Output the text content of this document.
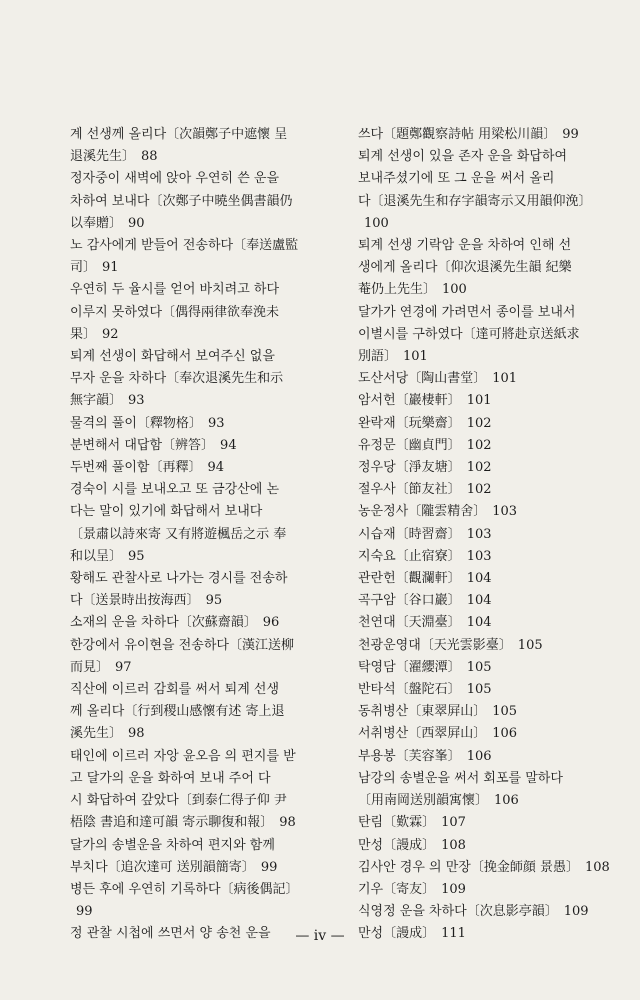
계 선생께 올리다〔次韻鄭子中遮懷 呈
退溪先生〕 88
정자중이 새벽에 앉아 우연히 쓴 운을
차하여 보내다〔次鄭子中曉坐偶書韻仍
以奉贈〕 90
노 감사에게 받들어 전송하다〔奉送盧監
司〕 91
우연히 두 율시를 얻어 바치려고 하다
이루지 못하였다〔偶得兩律欲奉浼未
果〕 92
퇴계 선생이 화답해서 보여주신 없을
무자 운을 차하다〔奉次退溪先生和示
無字韻〕 93
물격의 풀이〔釋物格〕 93
분변해서 대답함〔辨答〕 94
두번째 풀이함〔再釋〕 94
경숙이 시를 보내오고 또 금강산에 논
다는 말이 있기에 화답해서 보내다
〔景肅以詩來寄 又有將遊楓岳之示 奉
和以呈〕 95
황해도 관찰사로 나가는 경시를 전송하
다〔送景時出按海西〕 95
소재의 운을 차하다〔次蘇齋韻〕 96
한강에서 유이현을 전송하다〔漢江送柳
而見〕 97
직산에 이르러 감회를 써서 퇴계 선생
께 올리다〔行到稷山感懷有述 寄上退
溪先生〕 98
태인에 이르러 자앙 윤오음 의 편지를 받
고 달가의 운을 화하여 보내 주어 다
시 화답하여 갚았다〔到泰仁得子仰 尹
梧陰 書追和達可韻 寄示聊復和報〕 98
달가의 송별운을 차하여 편지와 함께
부치다〔追次達可 送別韻簡寄〕 99
병든 후에 우연히 기록하다〔病後偶記〕
99
정 관찰 시첩에 쓰면서 양 송천 운을
쓰다〔題鄭觀察詩帖 用梁松川韻〕 99
퇴계 선생이 있을 존자 운을 화답하여
보내주셨기에 또 그 운을 써서 올리
다〔退溪先生和存字韻寄示又用韻仰浼〕
100
퇴계 선생 기락암 운을 차하여 인해 선
생에게 올리다〔仰次退溪先生韻 紀樂
菴仍上先生〕 100
달가가 연경에 가려면서 종이를 보내서
이별시를 구하였다〔達可將赴京送紙求
別語〕 101
도산서당〔陶山書堂〕 101
암서헌〔巖棲軒〕 101
완락재〔玩樂齋〕 102
유정문〔幽貞門〕 102
정우당〔淨友塘〕 102
절우사〔節友社〕 102
농운정사〔隴雲精舍〕 103
시습재〔時習齋〕 103
지숙요〔止宿寮〕 103
관란헌〔觀瀾軒〕 104
곡구암〔谷口巖〕 104
천연대〔天淵臺〕 104
천광운영대〔天光雲影臺〕 105
탁영담〔濯纓潭〕 105
반타석〔盤陀石〕 105
동취병산〔東翠屛山〕 105
서취병산〔西翠屛山〕 106
부용봉〔芙容峯〕 106
남강의 송별운을 써서 회포를 말하다
〔用南岡送別韻寓懷〕 106
탄림〔歎霖〕 107
만성〔謾成〕 108
김사안 경우 의 만장〔挽金師顔 景愚〕 108
기우〔寄友〕 109
식영정 운을 차하다〔次息影亭韻〕 109
만성〔謾成〕 111
— iv —
